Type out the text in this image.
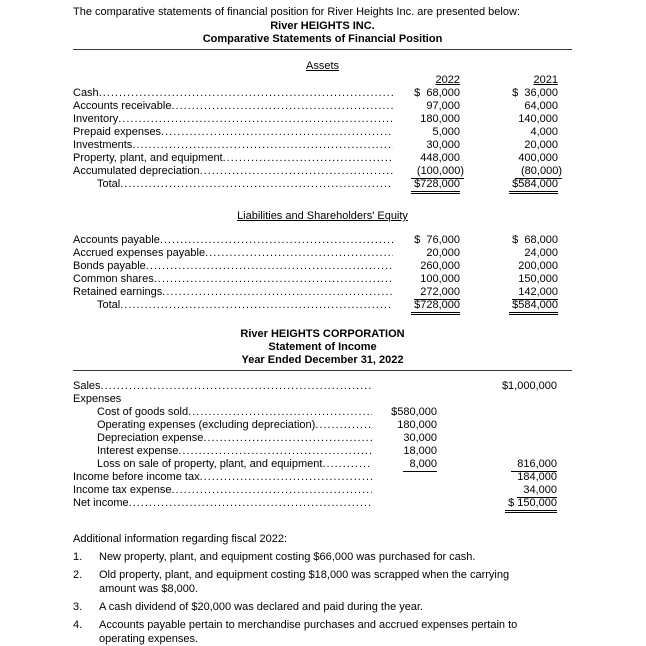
The comparative statements of financial position for River Heights Inc. are presented below:
River HEIGHTS INC.
Comparative Statements of Financial Position
Assets
2022	2021
Cash .....	$  68,000	$  36,000
Accounts receivable .....	97,000	64,000
Inventory .....	180,000	140,000
Prepaid expenses .....	5,000	4,000
Investments .....	30,000	20,000
Property, plant, and equipment .....	448,000	400,000
Accumulated depreciation .....	(100,000)	(80,000)
Total .....	$728,000	$584,000
Liabilities and Shareholders' Equity
Accounts payable .....	$  76,000	$  68,000
Accrued expenses payable .....	20,000	24,000
Bonds payable .....	260,000	200,000
Common shares .....	100,000	150,000
Retained earnings .....	272,000	142,000
Total .....	$728,000	$584,000
River HEIGHTS CORPORATION
Statement of Income
Year Ended December 31, 2022
Sales .....	$1,000,000
Expenses
Cost of goods sold .....	$580,000
Operating expenses (excluding depreciation) .....	180,000
Depreciation expense .....	30,000
Interest expense .....	18,000
Loss on sale of property, plant, and equipment .....	8,000	816,000
Income before income tax .....	184,000
Income tax expense .....	34,000
Net income .....	$ 150,000
Additional information regarding fiscal 2022:
1.	New property, plant, and equipment costing $66,000 was purchased for cash.
2.	Old property, plant, and equipment costing $18,000 was scrapped when the carrying amount was $8,000.
3.	A cash dividend of $20,000 was declared and paid during the year.
4.	Accounts payable pertain to merchandise purchases and accrued expenses pertain to operating expenses.
